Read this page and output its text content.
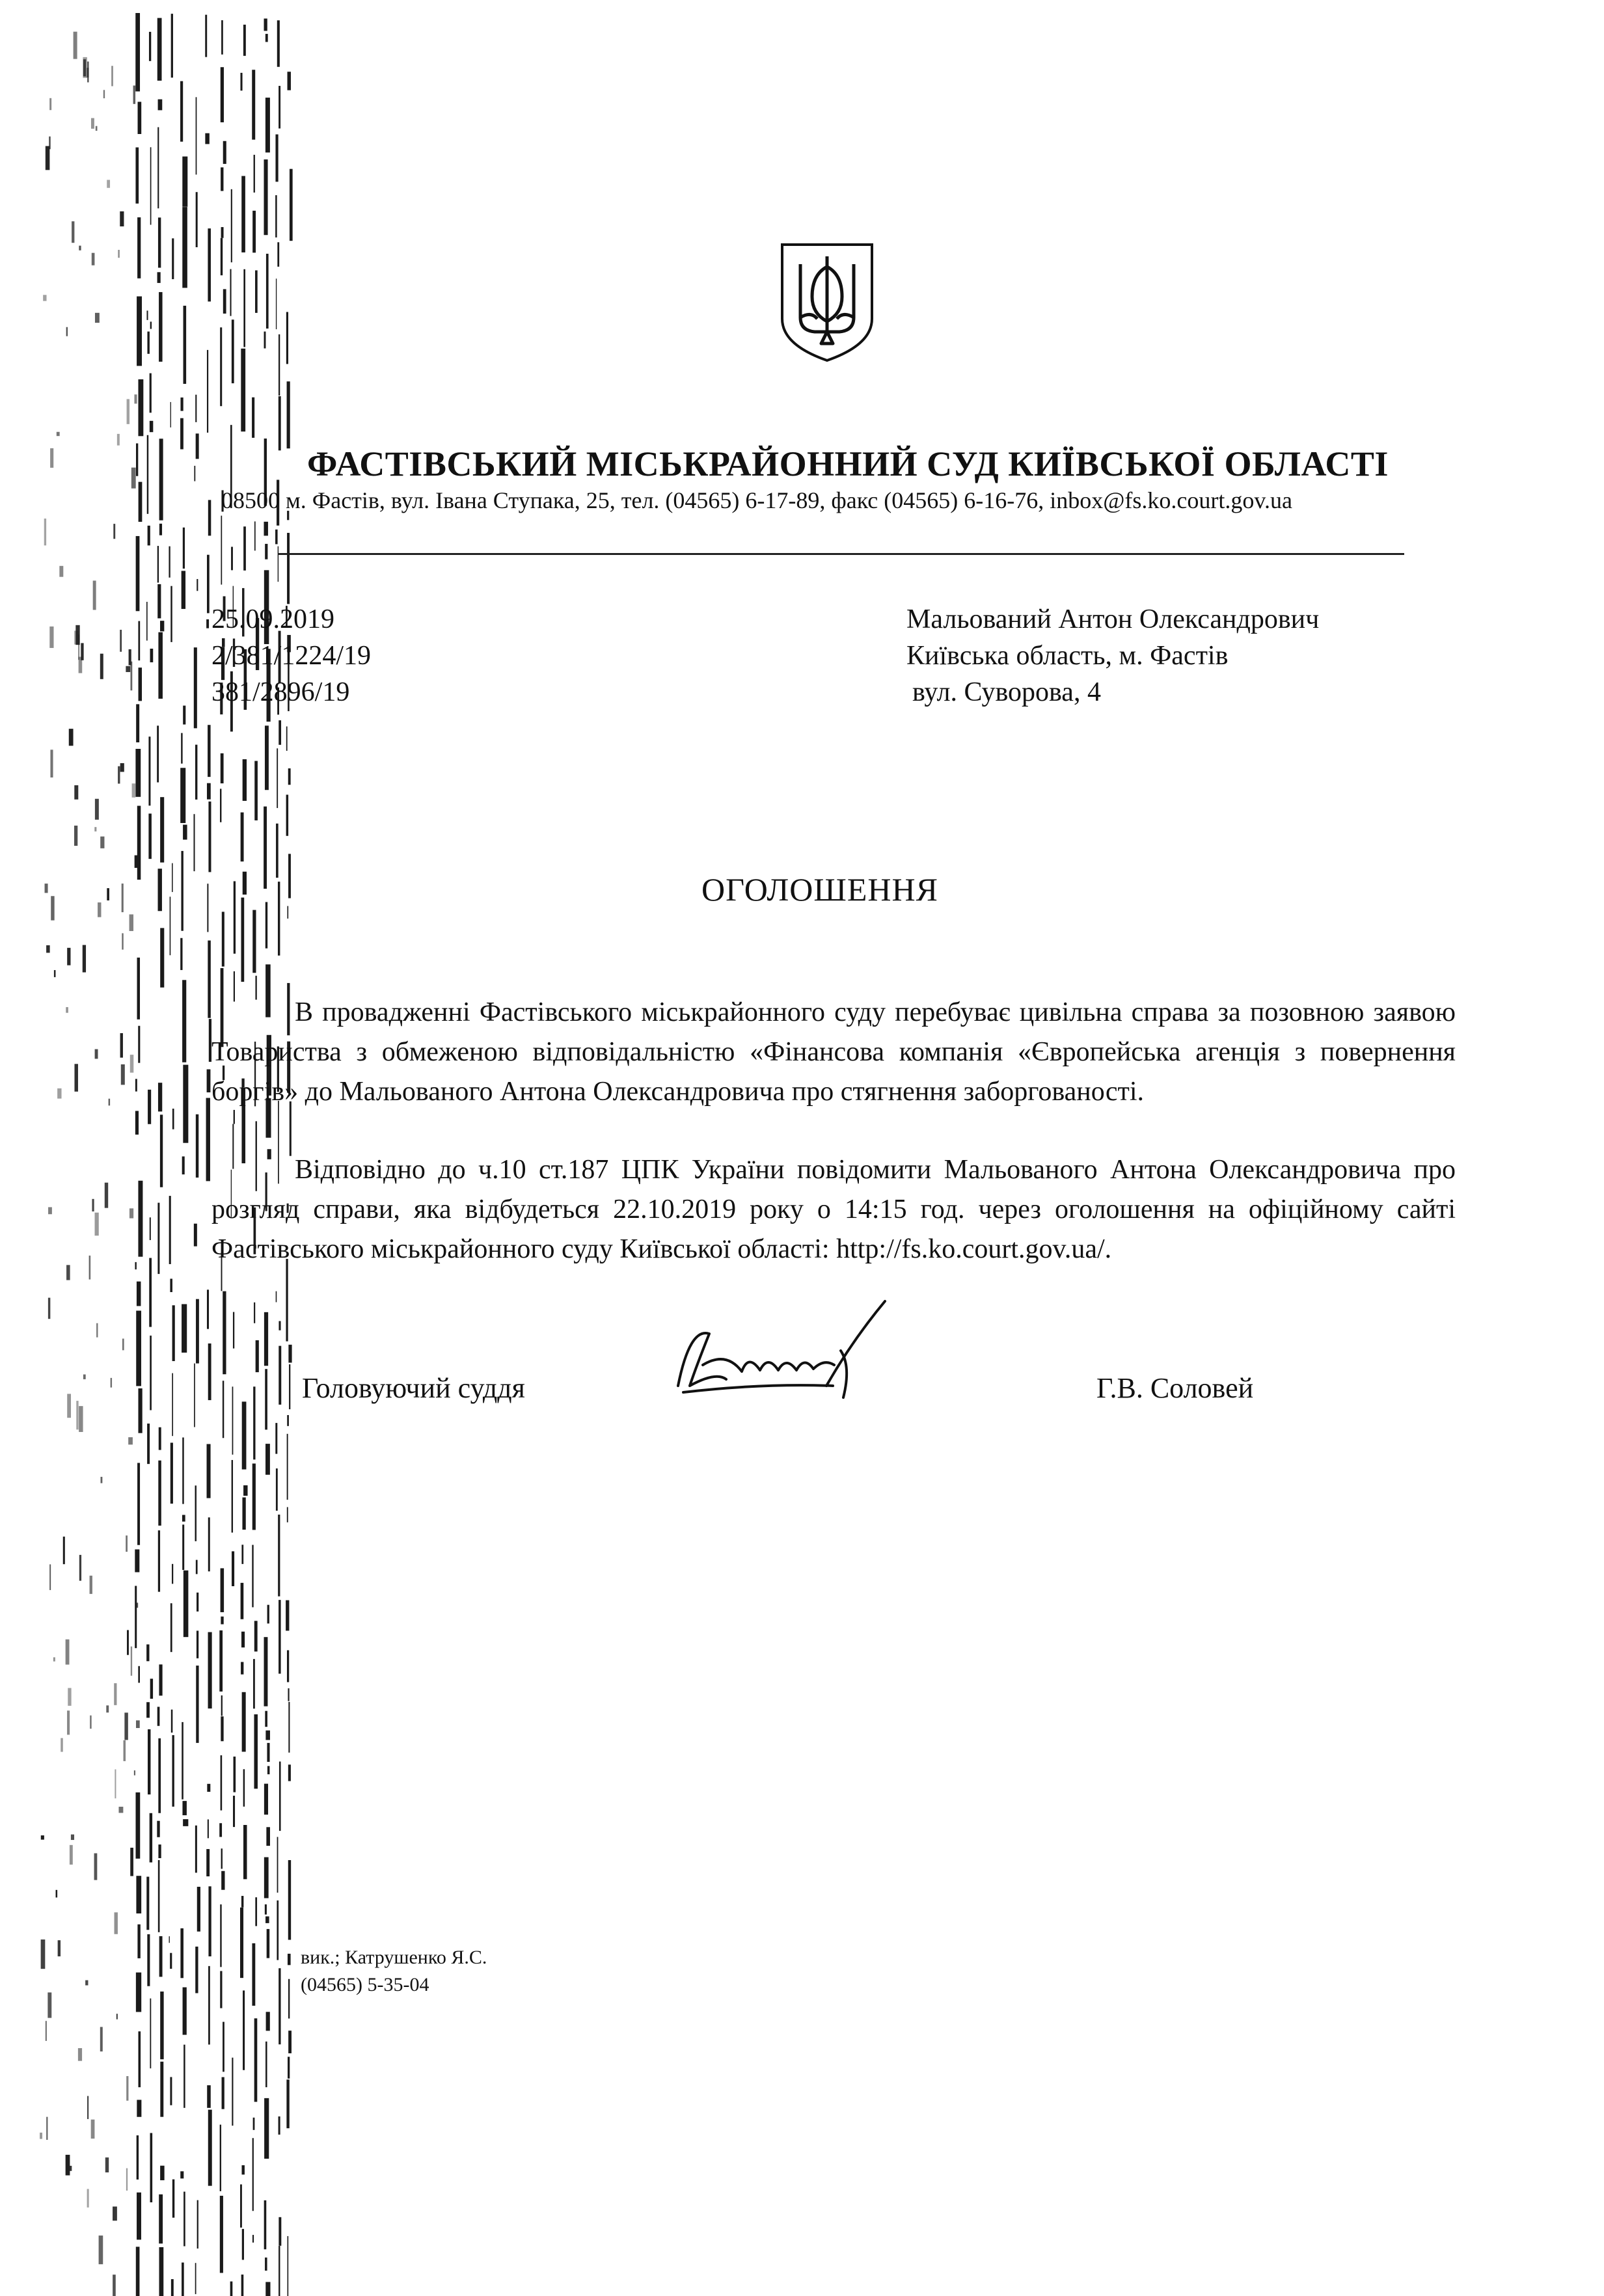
ФАСТІВСЬКИЙ МІСЬКРАЙОННИЙ СУД КИЇВСЬКОЇ ОБЛАСТІ
08500 м. Фастів, вул. Івана Ступака, 25, тел. (04565) 6-17-89, факс (04565) 6-16-76, inbox@fs.ko.court.gov.ua
25.09.2019
2/381/1224/19
381/2896/19
Мальований Антон Олександрович
Київська область, м. Фастів
вул. Суворова, 4
ОГОЛОШЕННЯ
В провадженні Фастівського міськрайонного суду перебуває цивільна справа за позовною заявою Товариства з обмеженою відповідальністю «Фінансова компанія «Європейська агенція з повернення боргів» до Мальованого Антона Олександровича про стягнення заборгованості.
Відповідно до ч.10 ст.187 ЦПК України повідомити Мальованого Антона Олександровича про розгляд справи, яка відбудеться 22.10.2019 року о 14:15 год. через оголошення на офіційному сайті Фастівського міськрайонного суду Київської області: http://fs.ko.court.gov.ua/.
Головуючий суддя	Г.В. Соловей
вик.; Катрушенко Я.С.
(04565) 5-35-04
